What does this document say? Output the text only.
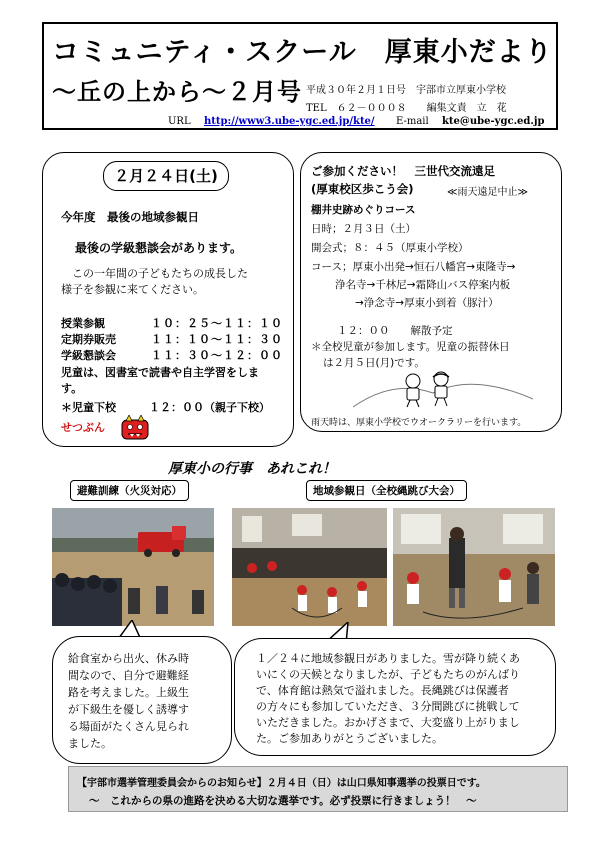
コミュニティ・スクール　厚東小だより
～丘の上から～２月号 平成３０年２月１日号　宇部市立厚東小学校
TEL　６２－０００８　　編集文責　立　花
URL http://www3.ube-ygc.ed.jp/kte/ E-mail kte@ube-ygc.ed.jp
２月２４日(土)
今年度　最後の地域参観日
最後の学級懇談会があります。
　この一年間の子どもたちの成長した
様子を参観に来てください。
授業参観	１０：２５～１１：１０
定期券販売	１１：１０～１１：３０
学級懇談会	１１：３０～１２：００
児童は、図書室で読書や自主学習をしま
す。
＊児童下校　　　１２：００（親子下校）
せつぶん
ご参加ください！　三世代交流遠足
(厚東校区歩こう会)	≪雨天遠足中止≫
棚井史跡めぐりコース
日時；２月３日（土）
開会式；８：４５（厚東小学校）
コース；厚東小出発→恒石八幡宮→東隆寺→
浄名寺→千林尼→霜降山バス停案内板
→浄念寺→厚東小到着（豚汁）
１２：００　　解散予定
＊全校児童が参加します。児童の振替休日
は２月５日(月)です。
雨天時は、厚東小学校でウオークラリーを行います。
厚東小の行事　あれこれ！
避難訓練（火災対応）	地域参観日（全校縄跳び大会）
給食室から出火、休み時
間なので、自分で避難経
路を考えました。上級生
が下級生を優しく誘導す
る場面がたくさん見られ
ました。
１／２４に地域参観日がありました。雪が降り続くあ
いにくの天候となりましたが、子どもたちのがんばり
で、体育館は熱気で溢れました。長縄跳びは保護者
の方々にも参加していただき、３分間跳びに挑戦して
いただきました。おかげさまで、大変盛り上がりまし
た。ご参加ありがとうございました。
【宇部市選挙管理委員会からのお知らせ】２月４日（日）は山口県知事選挙の投票日です。
～　これからの県の進路を決める大切な選挙です。必ず投票に行きましょう！　～
